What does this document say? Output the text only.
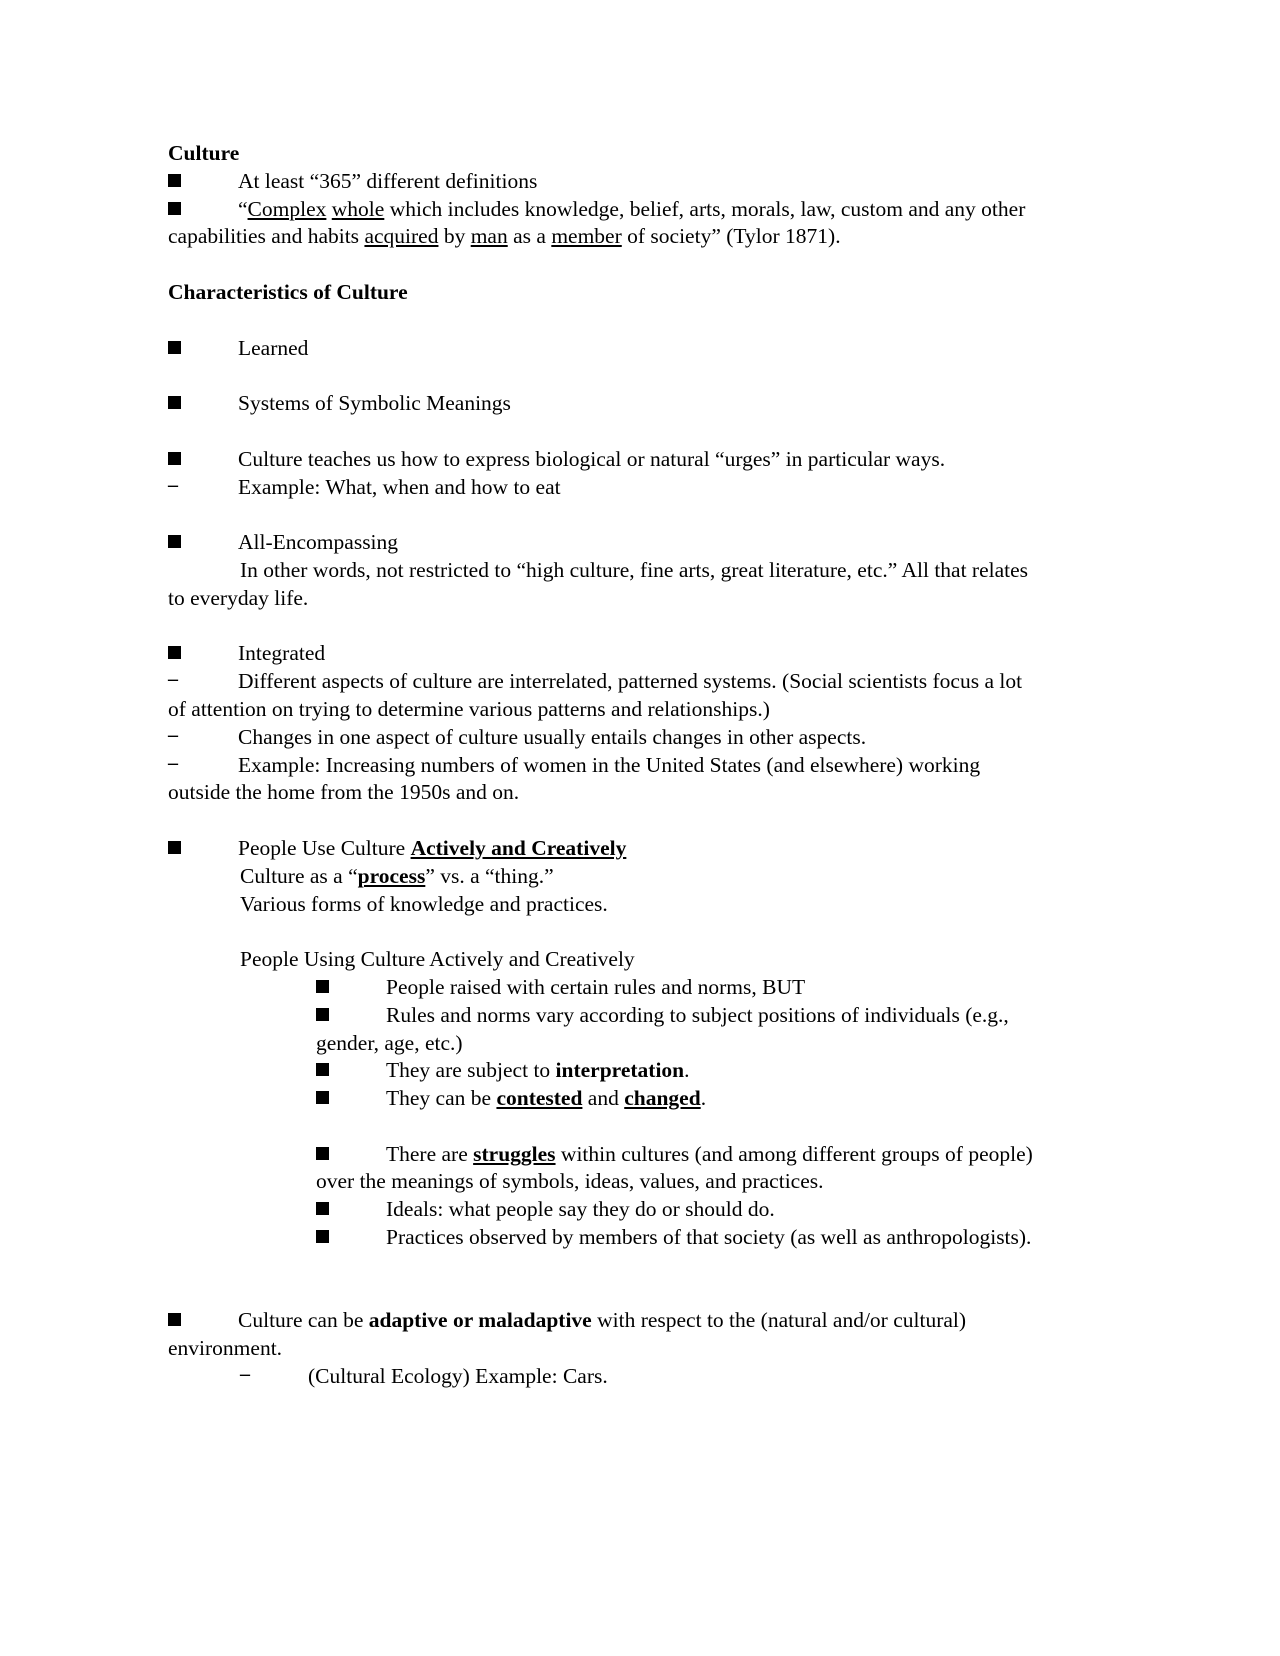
Culture

At least “365” different definitions

“Complex whole which includes knowledge, belief, arts, morals, law, custom and any other capabilities and habits acquired by man as a member of society” (Tylor 1871).

Characteristics of Culture

Learned

Systems of Symbolic Meanings

Culture teaches us how to express biological or natural “urges” in particular ways.

–	Example: What, when and how to eat

All-Encompassing

In other words, not restricted to “high culture, fine arts, great literature, etc.” All that relates to everyday life.

Integrated

–	Different aspects of culture are interrelated, patterned systems. (Social scientists focus a lot of attention on trying to determine various patterns and relationships.)

–	Changes in one aspect of culture usually entails changes in other aspects.

–	Example: Increasing numbers of women in the United States (and elsewhere) working outside the home from the 1950s and on.

People Use Culture Actively and Creatively

Culture as a “process” vs. a “thing.”

Various forms of knowledge and practices.

People Using Culture Actively and Creatively

People raised with certain rules and norms, BUT

Rules and norms vary according to subject positions of individuals (e.g., gender, age, etc.)

They are subject to interpretation.

They can be contested and changed.

There are struggles within cultures (and among different groups of people) over the meanings of symbols, ideas, values, and practices.

Ideals: what people say they do or should do.

Practices observed by members of that society (as well as anthropologists).

Culture can be adaptive or maladaptive with respect to the (natural and/or cultural) environment.

–	(Cultural Ecology) Example: Cars.
